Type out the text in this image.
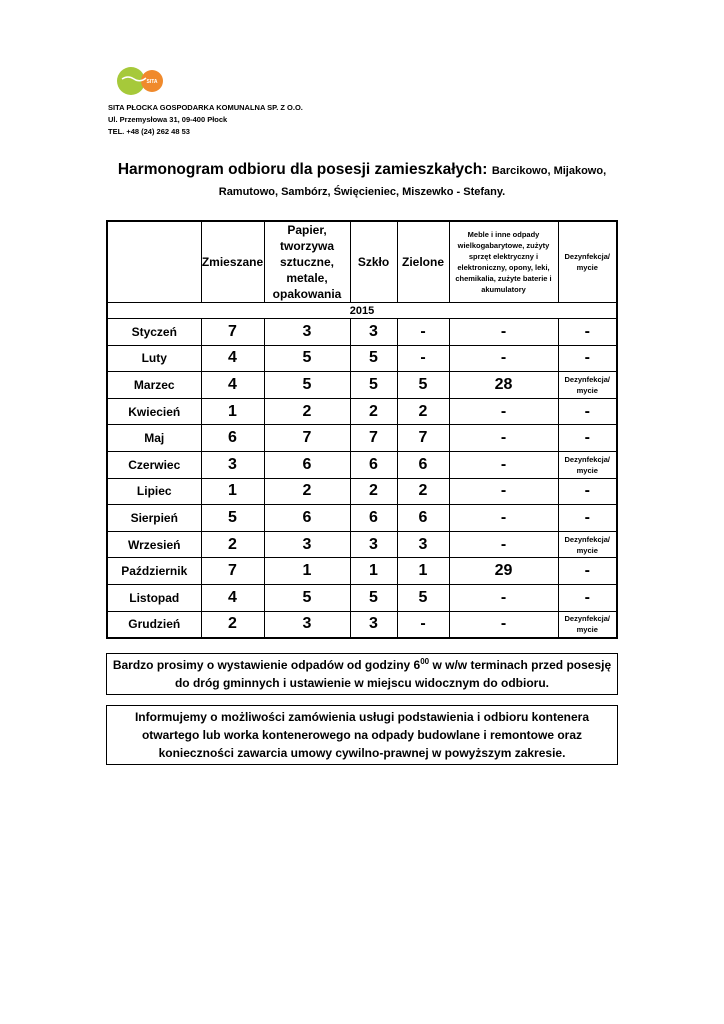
SITA
SITA PŁOCKA GOSPODARKA KOMUNALNA SP. Z O.O.
Ul. Przemysłowa 31, 09-400 Płock
TEL. +48 (24) 262 48 53
Harmonogram odbioru dla posesji zamieszkałych: Barcikowo, Mijakowo, Ramutowo, Sambórz, Święcieniec, Miszewko - Stefany.
	Zmieszane	Papier, tworzywa sztuczne, metale, opakowania	Szkło	Zielone	Meble i inne odpady wielkogabarytowe, zużyty sprzęt elektryczny i elektroniczny, opony, leki, chemikalia, zużyte baterie i akumulatory	Dezynfekcja/ mycie
2015						
Styczeń	7	3	3	-	-	-
Luty	4	5	5	-	-	-
Marzec	4	5	5	5	28	Dezynfekcja/ mycie
Kwiecień	1	2	2	2	-	-
Maj	6	7	7	7	-	-
Czerwiec	3	6	6	6	-	Dezynfekcja/ mycie
Lipiec	1	2	2	2	-	-
Sierpień	5	6	6	6	-	-
Wrzesień	2	3	3	3	-	Dezynfekcja/ mycie
Październik	7	1	1	1	29	-
Listopad	4	5	5	5	-	-
Grudzień	2	3	3	-	-	Dezynfekcja/ mycie
Bardzo prosimy o wystawienie odpadów od godziny $6^{00}$ w w/w terminach przed posesję do dróg gminnych i ustawienie w miejscu widocznym do odbioru.
Informujemy o możliwości zamówienia usługi podstawienia i odbioru kontenera otwartego lub worka kontenerowego na odpady budowlane i remontowe oraz konieczności zawarcia umowy cywilno-prawnej w powyższym zakresie.
